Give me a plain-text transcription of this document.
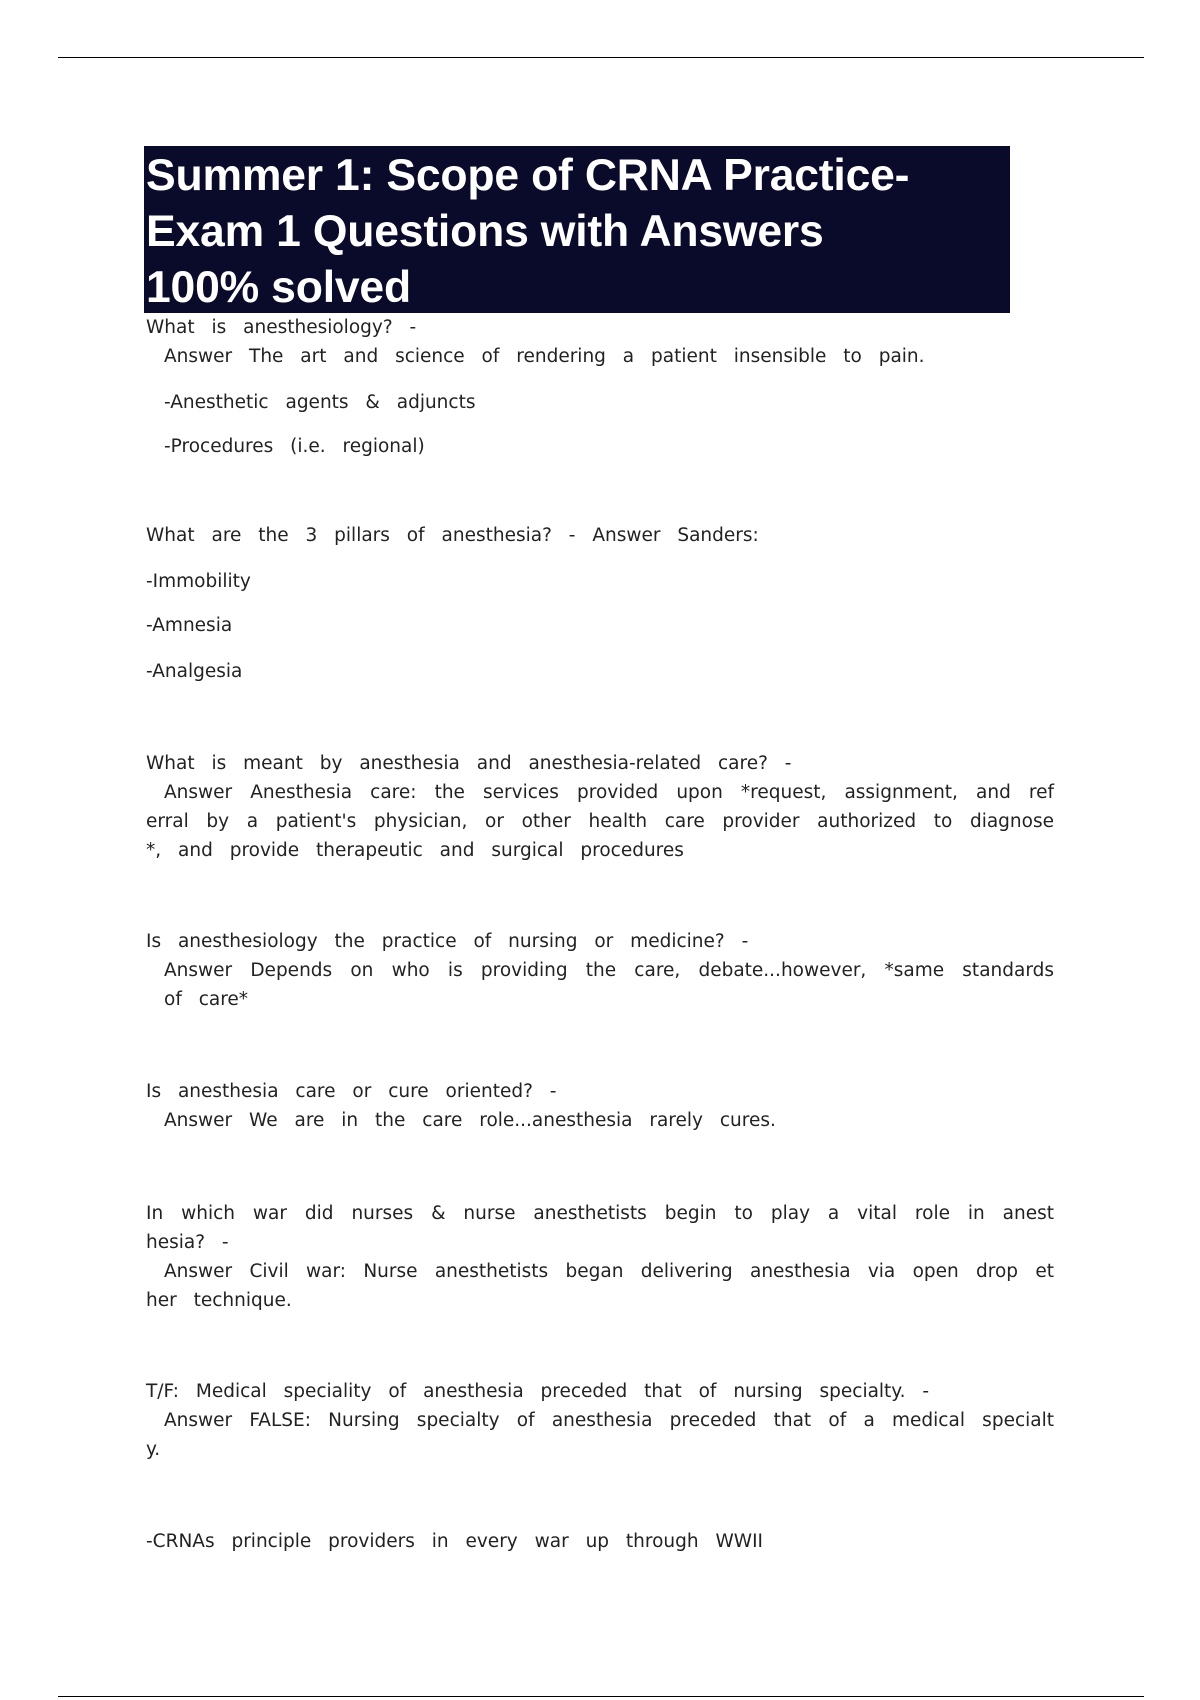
Summer 1: Scope of CRNA Practice-
Exam 1 Questions with Answers
100% solved
What is anesthesiology? -
Answer The art and science of rendering a patient insensible to pain.
-Anesthetic agents & adjuncts
-Procedures (i.e. regional)
What are the 3 pillars of anesthesia? - Answer Sanders:
-Immobility
-Amnesia
-Analgesia
What is meant by anesthesia and anesthesia-related care? -
Answer Anesthesia care: the services provided upon *request, assignment, and ref
erral by a patient's physician, or other health care provider authorized to diagnose
*, and provide therapeutic and surgical procedures
Is anesthesiology the practice of nursing or medicine? -
Answer Depends on who is providing the care, debate...however, *same standards
of care*
Is anesthesia care or cure oriented? -
Answer We are in the care role...anesthesia rarely cures.
In which war did nurses & nurse anesthetists begin to play a vital role in anest
hesia? -
Answer Civil war: Nurse anesthetists began delivering anesthesia via open drop et
her technique.
T/F: Medical speciality of anesthesia preceded that of nursing specialty. -
Answer FALSE: Nursing specialty of anesthesia preceded that of a medical specialt
y.
-CRNAs principle providers in every war up through WWII
